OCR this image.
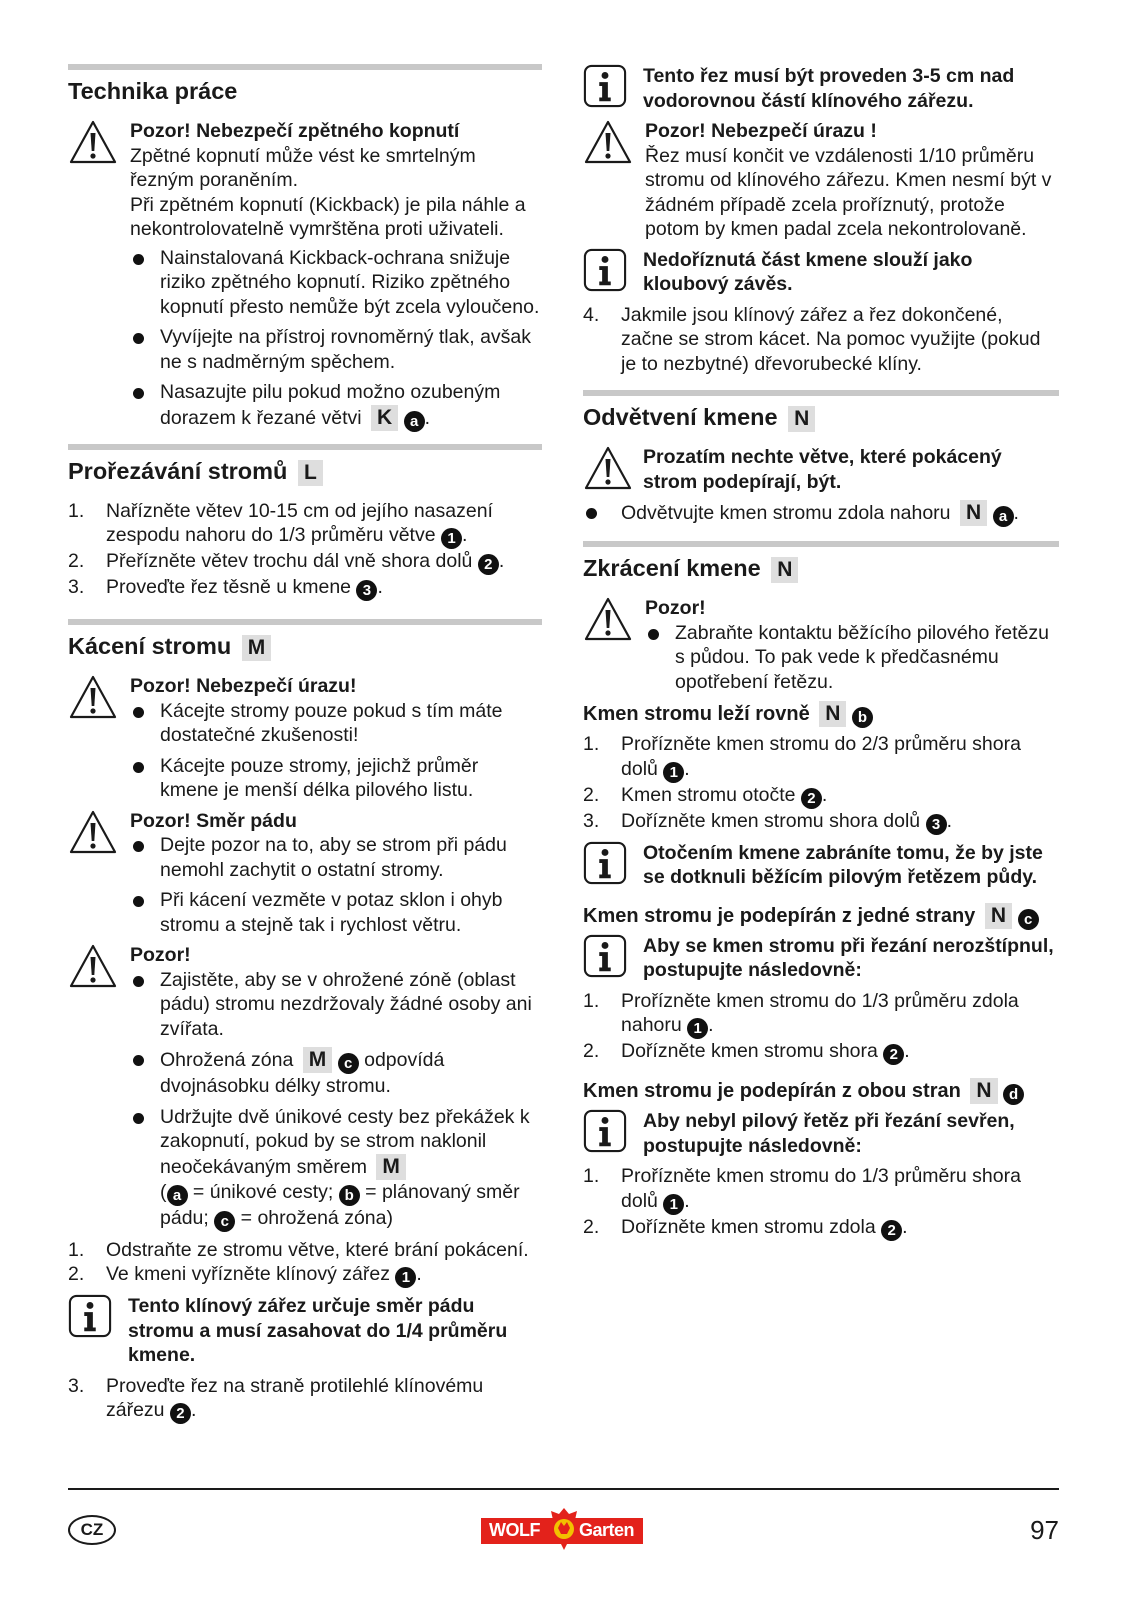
Technika práce

Pozor! Nebezpečí zpětného kopnutí

Zpětné kopnutí může vést ke smrtelným řezným poraněním.

Při zpětném kopnutí (Kickback) je pila náhle a nekontrolovatelně vymrštěna proti uživateli.

Nainstalovaná Kickback-ochrana snižuje riziko zpětného kopnutí. Riziko zpětného kopnutí přesto nemůže být zcela vyloučeno.
Vyvíjejte na přístroj rovnoměrný tlak, avšak ne s nadměrným spěchem.
Nasazujte pilu pokud možno ozubeným dorazem k řezané větvi K a .
Prořezávání stromů L
1. Nařízněte větev 10-15 cm od jejího nasazení zespodu nahoru do 1/3 průměru větve 1 .
2. Přeřízněte větev trochu dál vně shora dolů 2 .
3. Proveďte řez těsně u kmene 3 .
Kácení stromu M

Pozor! Nebezpečí úrazu!

Kácejte stromy pouze pokud s tím máte dostatečné zkušenosti!
Kácejte pouze stromy, jejichž průměr kmene je menší délka pilového listu.

Pozor! Směr pádu

Dejte pozor na to, aby se strom při pádu nemohl zachytit o ostatní stromy.
Při kácení vezměte v potaz sklon i ohyb stromu a stejně tak i rychlost větru.

Pozor!

Zajistěte, aby se v ohrožené zóně (oblast pádu) stromu nezdržovaly žádné osoby ani zvířata.
Ohrožená zóna M c odpovídá dvojnásobku délky stromu.
Udržujte dvě únikové cesty bez překážek k zakopnutí, pokud by se strom naklonil neočekávaným směrem M
( a = únikové cesty; b = plánovaný směr pádu; c = ohrožená zóna)
1. Odstraňte ze stromu větve, které brání pokácení.
2. Ve kmeni vyřízněte klínový zářez 1 .
Tento klínový zářez určuje směr pádu stromu a musí zasahovat do 1/4 průměru kmene.
3. Proveďte řez na straně protilehlé klínovému zářezu 2 .
Tento řez musí být proveden 3-5 cm nad vodorovnou částí klínového zářezu.

Pozor! Nebezpečí úrazu !

Řez musí končit ve vzdálenosti 1/10 průměru stromu od klínového zářezu. Kmen nesmí být v žádném případě zcela proříznutý, protože potom by kmen padal zcela nekontrolovaně.

Nedoříznutá část kmene slouží jako kloubový závěs.
4. Jakmile jsou klínový zářez a řez dokončené, začne se strom kácet. Na pomoc využijte (pokud je to nezbytné) dřevorubecké klíny.
Odvětvení kmene N
Prozatím nechte větve, které pokácený strom podepírají, být.
Odvětvujte kmen stromu zdola nahoru N a .
Zkrácení kmene N

Pozor!

Zabraňte kontaktu běžícího pilového řetězu s půdou. To pak vede k předčasnému opotřebení řetězu.
Kmen stromu leží rovně N b
1. Prořízněte kmen stromu do 2/3 průměru shora dolů 1 .
2. Kmen stromu otočte 2 .
3. Dořízněte kmen stromu shora dolů 3 .
Otočením kmene zabráníte tomu, že by jste se dotknuli běžícím pilovým řetězem půdy.
Kmen stromu je podepírán z jedné strany N c
Aby se kmen stromu při řezání nerozštípnul, postupujte následovně:
1. Prořízněte kmen stromu do 1/3 průměru zdola nahoru 1 .
2. Dořízněte kmen stromu shora 2 .
Kmen stromu je podepírán z obou stran N d
Aby nebyl pilový řetěz při řezání sevřen, postupujte následovně:
1. Prořízněte kmen stromu do 1/3 průměru shora dolů 1 .
2. Dořízněte kmen stromu zdola 2 .
CZ	WOLF Garten	97
